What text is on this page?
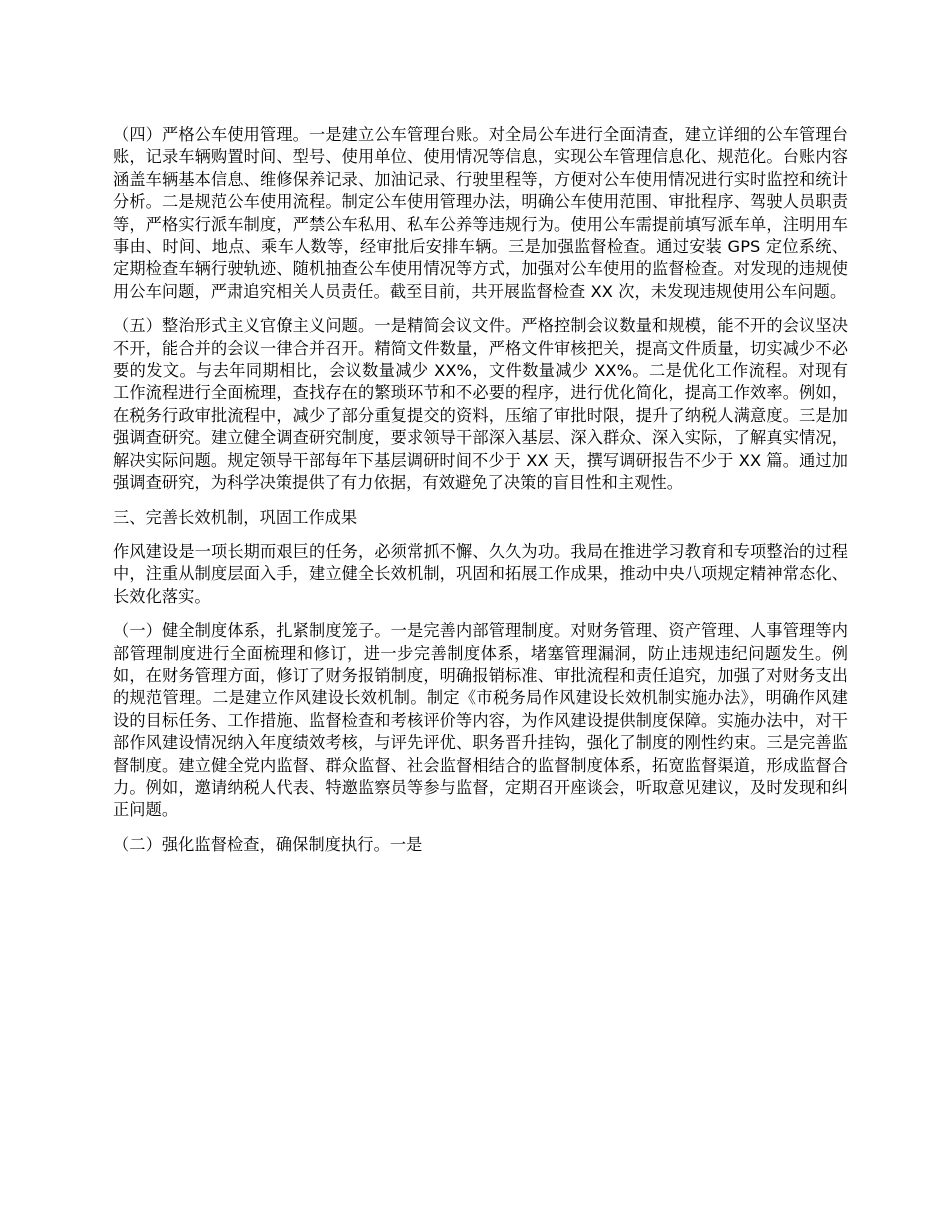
（四）严格公车使用管理。一是建立公车管理台账。对全局公车进行全面清查，建立详细的公车管理台账，记录车辆购置时间、型号、使用单位、使用情况等信息，实现公车管理信息化、规范化。台账内容涵盖车辆基本信息、维修保养记录、加油记录、行驶里程等，方便对公车使用情况进行实时监控和统计分析。二是规范公车使用流程。制定公车使用管理办法，明确公车使用范围、审批程序、驾驶人员职责等，严格实行派车制度，严禁公车私用、私车公养等违规行为。使用公车需提前填写派车单，注明用车事由、时间、地点、乘车人数等，经审批后安排车辆。三是加强监督检查。通过安装 GPS 定位系统、定期检查车辆行驶轨迹、随机抽查公车使用情况等方式，加强对公车使用的监督检查。对发现的违规使用公车问题，严肃追究相关人员责任。截至目前，共开展监督检查 XX 次，未发现违规使用公车问题。

（五）整治形式主义官僚主义问题。一是精简会议文件。严格控制会议数量和规模，能不开的会议坚决不开，能合并的会议一律合并召开。精简文件数量，严格文件审核把关，提高文件质量，切实减少不必要的发文。与去年同期相比，会议数量减少 XX%，文件数量减少 XX%。二是优化工作流程。对现有工作流程进行全面梳理，查找存在的繁琐环节和不必要的程序，进行优化简化，提高工作效率。例如，在税务行政审批流程中，减少了部分重复提交的资料，压缩了审批时限，提升了纳税人满意度。三是加强调查研究。建立健全调查研究制度，要求领导干部深入基层、深入群众、深入实际，了解真实情况，解决实际问题。规定领导干部每年下基层调研时间不少于 XX 天，撰写调研报告不少于 XX 篇。通过加强调查研究，为科学决策提供了有力依据，有效避免了决策的盲目性和主观性。

三、完善长效机制，巩固工作成果

作风建设是一项长期而艰巨的任务，必须常抓不懈、久久为功。我局在推进学习教育和专项整治的过程中，注重从制度层面入手，建立健全长效机制，巩固和拓展工作成果，推动中央八项规定精神常态化、长效化落实。

（一）健全制度体系，扎紧制度笼子。一是完善内部管理制度。对财务管理、资产管理、人事管理等内部管理制度进行全面梳理和修订，进一步完善制度体系，堵塞管理漏洞，防止违规违纪问题发生。例如，在财务管理方面，修订了财务报销制度，明确报销标准、审批流程和责任追究，加强了对财务支出的规范管理。二是建立作风建设长效机制。制定《市税务局作风建设长效机制实施办法》，明确作风建设的目标任务、工作措施、监督检查和考核评价等内容，为作风建设提供制度保障。实施办法中，对干部作风建设情况纳入年度绩效考核，与评先评优、职务晋升挂钩，强化了制度的刚性约束。三是完善监督制度。建立健全党内监督、群众监督、社会监督相结合的监督制度体系，拓宽监督渠道，形成监督合力。例如，邀请纳税人代表、特邀监察员等参与监督，定期召开座谈会，听取意见建议，及时发现和纠正问题。

（二）强化监督检查，确保制度执行。一是
